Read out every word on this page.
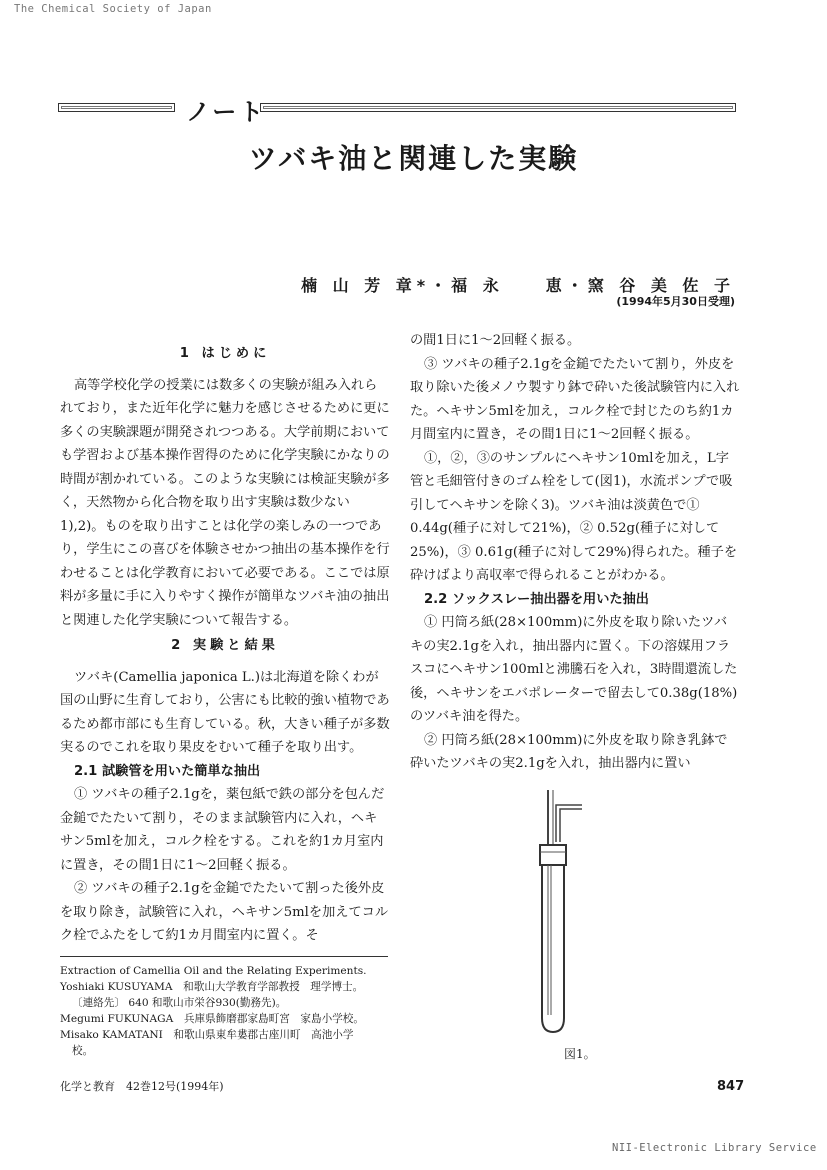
The Chemical Society of Japan
ノート
ツバキ油と関連した実験
楠 山 芳 章*・福 永　　恵・窯 谷 美 佐 子
(1994年5月30日受理)

1 はじめに

高等学校化学の授業には数多くの実験が組み入れられており，また近年化学に魅力を感じさせるために更に多くの実験課題が開発されつつある。大学前期においても学習および基本操作習得のために化学実験にかなりの時間が割かれている。このような実験には検証実験が多く，天然物から化合物を取り出す実験は数少ない1),2)。ものを取り出すことは化学の楽しみの一つであり，学生にこの喜びを体験させかつ抽出の基本操作を行わせることは化学教育において必要である。ここでは原料が多量に手に入りやすく操作が簡単なツバキ油の抽出と関連した化学実験について報告する。

2 実験と結果

ツバキ(Camellia japonica L.)は北海道を除くわが国の山野に生育しており，公害にも比較的強い植物であるため都市部にも生育している。秋，大きい種子が多数実るのでこれを取り果皮をむいて種子を取り出す。

2.1 試験管を用いた簡単な抽出

① ツバキの種子2.1gを，薬包紙で鉄の部分を包んだ金鎚でたたいて割り，そのまま試験管内に入れ，ヘキサン5mlを加え，コルク栓をする。これを約1カ月室内に置き，その間1日に1〜2回軽く振る。

② ツバキの種子2.1gを金鎚でたたいて割った後外皮を取り除き，試験管に入れ，ヘキサン5mlを加えてコルク栓でふたをして約1カ月間室内に置く。そ

の間1日に1〜2回軽く振る。

③ ツバキの種子2.1gを金鎚でたたいて割り，外皮を取り除いた後メノウ製すり鉢で砕いた後試験管内に入れた。ヘキサン5mlを加え，コルク栓で封じたのち約1カ月間室内に置き，その間1日に1〜2回軽く振る。

①，②，③のサンプルにヘキサン10mlを加え，L字管と毛細管付きのゴム栓をして(図1)，水流ポンプで吸引してヘキサンを除く3)。ツバキ油は淡黄色で① 0.44g(種子に対して21%)，② 0.52g(種子に対して25%)，③ 0.61g(種子に対して29%)得られた。種子を砕けばより高収率で得られることがわかる。

2.2 ソックスレー抽出器を用いた抽出

① 円筒ろ紙(28×100mm)に外皮を取り除いたツバキの実2.1gを入れ，抽出器内に置く。下の溶媒用フラスコにヘキサン100mlと沸騰石を入れ，3時間還流した後，ヘキサンをエバポレーターで留去して0.38g(18%)のツバキ油を得た。

② 円筒ろ紙(28×100mm)に外皮を取り除き乳鉢で砕いたツバキの実2.1gを入れ，抽出器内に置い

Extraction of Camellia Oil and the Relating Experiments.

Yoshiaki KUSUYAMA　和歌山大学教育学部教授　理学博士。

〔連絡先〕 640 和歌山市栄谷930(勤務先)。

Megumi FUKUNAGA　兵庫県飾磨郡家島町宮　家島小学校。

Misako KAMATANI　和歌山県東牟婁郡古座川町　高池小学

校。	図1。
化学と教育　42巻12号(1994年)	847
NII-Electronic Library Service
